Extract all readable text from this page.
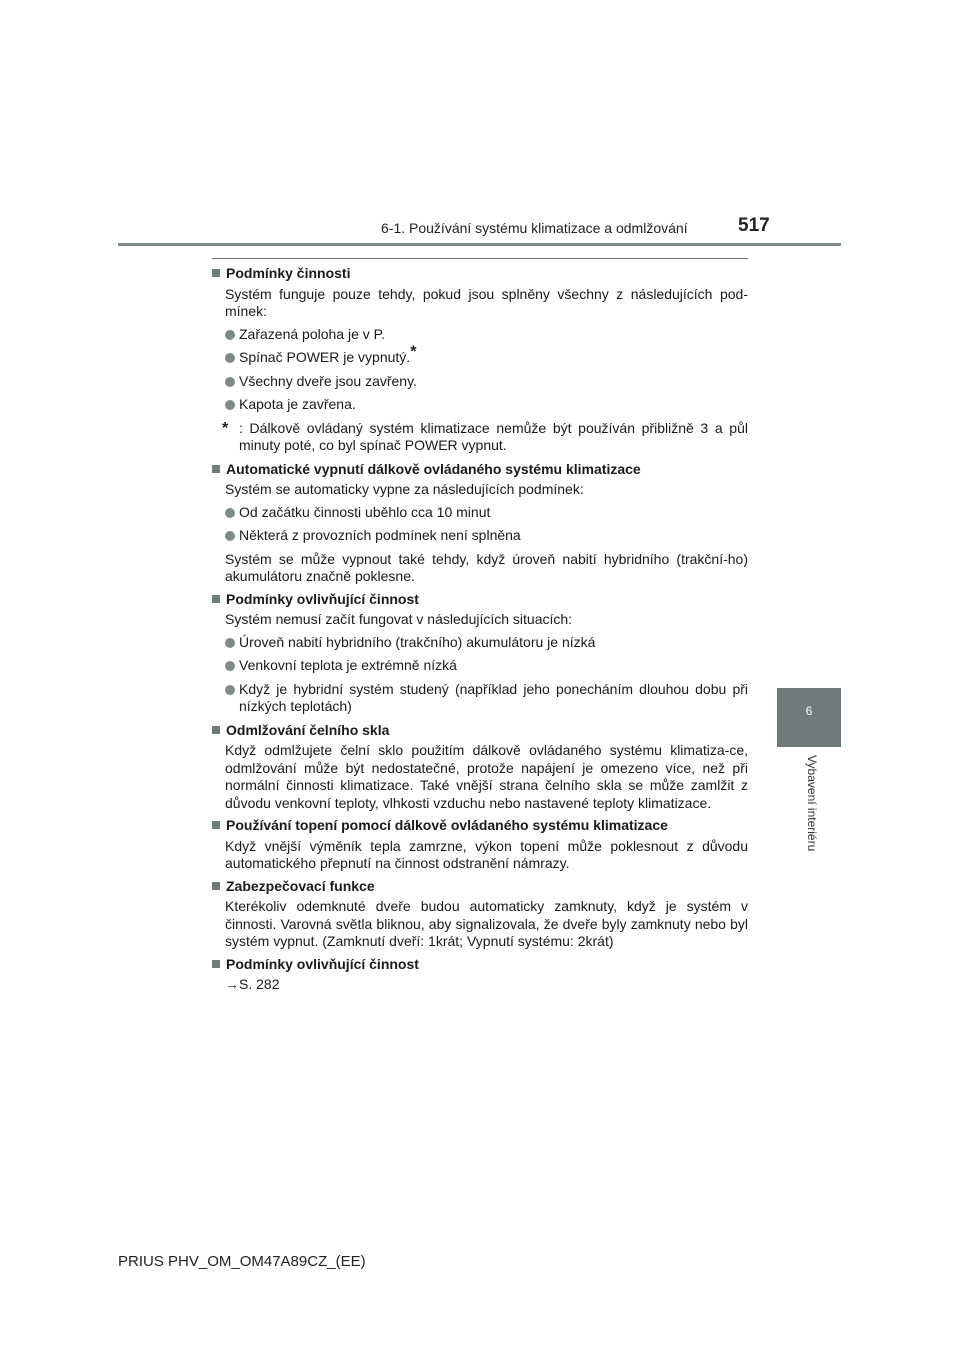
6-1. Používání systému klimatizace a odmlžování	517
6
Vybavení interiéru
Podmínky činnosti
Systém funguje pouze tehdy, pokud jsou splněny všechny z následujících pod-mínek:
Zařazená poloha je v P.
Spínač POWER je vypnutý.*
Všechny dveře jsou zavřeny.
Kapota je zavřena.
* : Dálkově ovládaný systém klimatizace nemůže být používán přibližně 3 a půl minuty poté, co byl spínač POWER vypnut.
Automatické vypnutí dálkově ovládaného systému klimatizace
Systém se automaticky vypne za následujících podmínek:
Od začátku činnosti uběhlo cca 10 minut
Některá z provozních podmínek není splněna
Systém se může vypnout také tehdy, když úroveň nabití hybridního (trakční-ho) akumulátoru značně poklesne.
Podmínky ovlivňující činnost
Systém nemusí začít fungovat v následujících situacích:
Úroveň nabití hybridního (trakčního) akumulátoru je nízká
Venkovní teplota je extrémně nízká
Když je hybridní systém studený (například jeho ponecháním dlouhou dobu při nízkých teplotách)
Odmlžování čelního skla
Když odmlžujete čelní sklo použitím dálkově ovládaného systému klimatiza-ce, odmlžování může být nedostatečné, protože napájení je omezeno více, než při normální činnosti klimatizace. Také vnější strana čelního skla se může zamlžit z důvodu venkovní teploty, vlhkosti vzduchu nebo nastavené teploty klimatizace.
Používání topení pomocí dálkově ovládaného systému klimatizace
Když vnější výměník tepla zamrzne, výkon topení může poklesnout z důvodu automatického přepnutí na činnost odstranění námrazy.
Zabezpečovací funkce
Kterékoliv odemknuté dveře budou automaticky zamknuty, když je systém v činnosti. Varovná světla bliknou, aby signalizovala, že dveře byly zamknuty nebo byl systém vypnut. (Zamknutí dveří: 1krát; Vypnutí systému: 2krát)
Podmínky ovlivňující činnost
→S. 282
PRIUS PHV_OM_OM47A89CZ_(EE)
